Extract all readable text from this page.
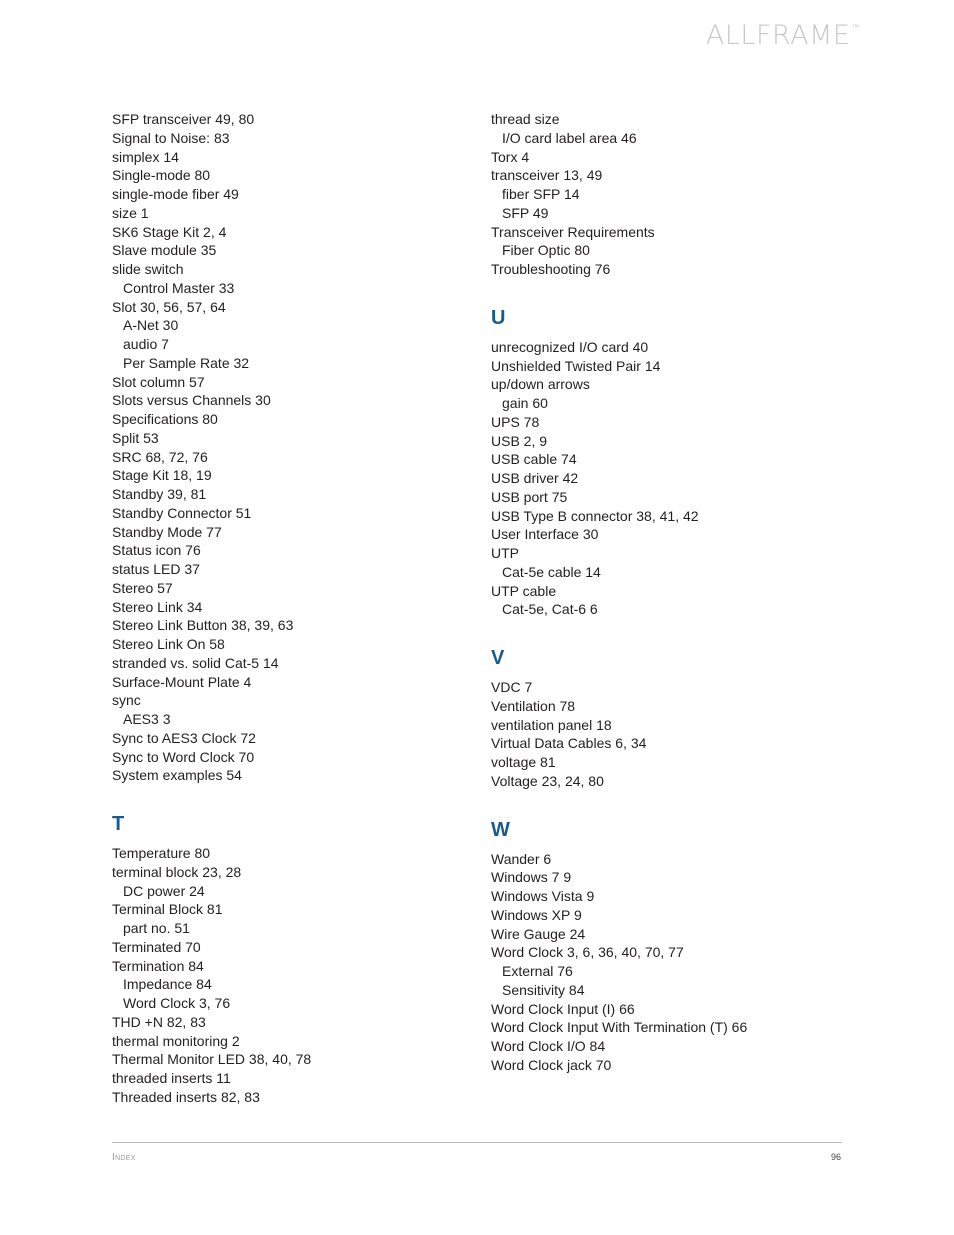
ALLFRAME™
SFP transceiver 49, 80
Signal to Noise: 83
simplex 14
Single-mode 80
single-mode fiber 49
size 1
SK6 Stage Kit 2, 4
Slave module 35
slide switch
Control Master 33
Slot 30, 56, 57, 64
A-Net 30
audio 7
Per Sample Rate 32
Slot column 57
Slots versus Channels 30
Specifications 80
Split 53
SRC 68, 72, 76
Stage Kit 18, 19
Standby 39, 81
Standby Connector 51
Standby Mode 77
Status icon 76
status LED 37
Stereo 57
Stereo Link 34
Stereo Link Button 38, 39, 63
Stereo Link On 58
stranded vs. solid Cat-5 14
Surface-Mount Plate 4
sync
AES3 3
Sync to AES3 Clock 72
Sync to Word Clock 70
System examples 54
T
Temperature 80
terminal block 23, 28
DC power 24
Terminal Block 81
part no. 51
Terminated 70
Termination 84
Impedance 84
Word Clock 3, 76
THD +N 82, 83
thermal monitoring 2
Thermal Monitor LED 38, 40, 78
threaded inserts 11
Threaded inserts 82, 83
thread size
I/O card label area 46
Torx 4
transceiver 13, 49
fiber SFP 14
SFP 49
Transceiver Requirements
Fiber Optic 80
Troubleshooting 76
U
unrecognized I/O card 40
Unshielded Twisted Pair 14
up/down arrows
gain 60
UPS 78
USB 2, 9
USB cable 74
USB driver 42
USB port 75
USB Type B connector 38, 41, 42
User Interface 30
UTP
Cat-5e cable 14
UTP cable
Cat-5e, Cat-6 6
V
VDC 7
Ventilation 78
ventilation panel 18
Virtual Data Cables 6, 34
voltage 81
Voltage 23, 24, 80
W
Wander 6
Windows 7 9
Windows Vista 9
Windows XP 9
Wire Gauge 24
Word Clock 3, 6, 36, 40, 70, 77
External 76
Sensitivity 84
Word Clock Input (I) 66
Word Clock Input With Termination (T) 66
Word Clock I/O 84
Word Clock jack 70
Index	96
